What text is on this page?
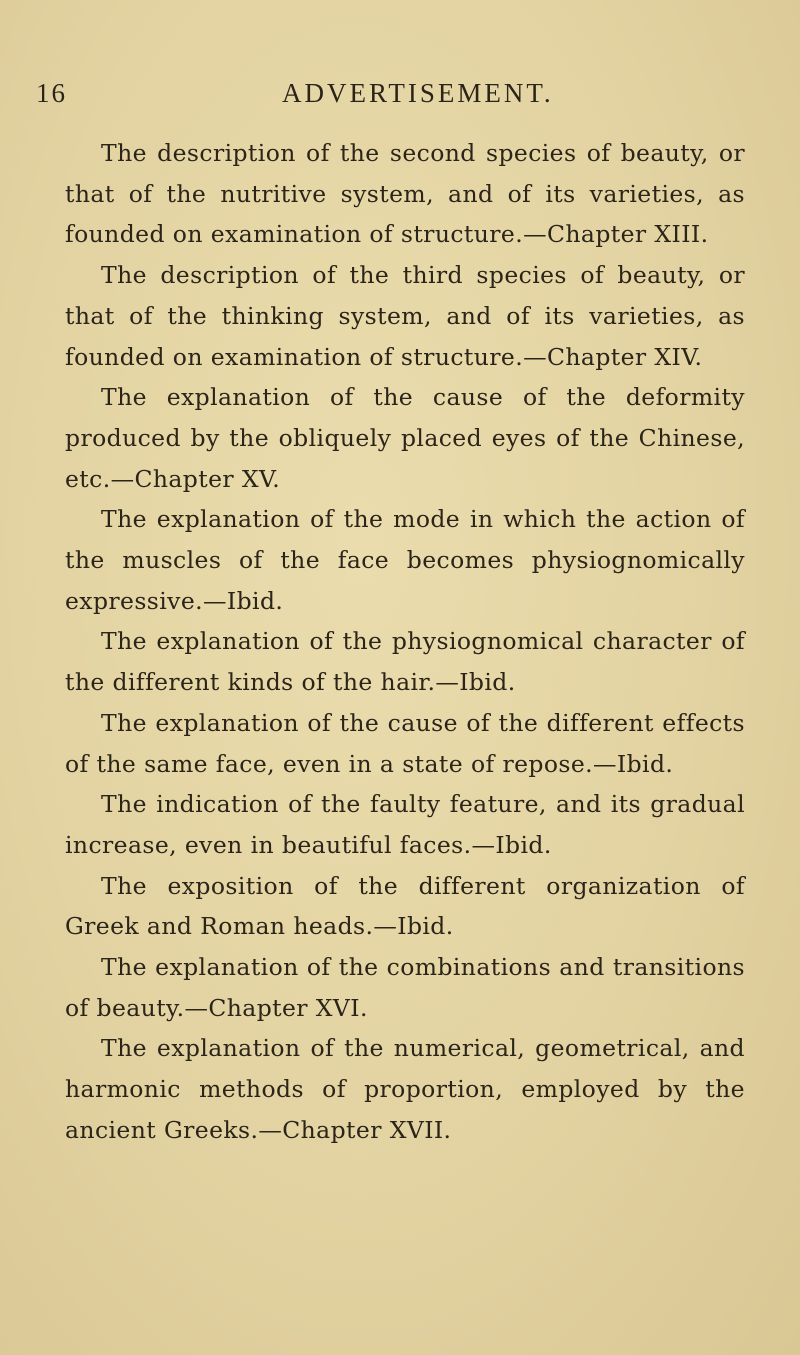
16	ADVERTISEMENT.

The description of the second species of beauty, or that of the nutritive system, and of its varieties, as founded on examination of structure.—Chapter XIII.

The description of the third species of beauty, or that of the thinking system, and of its varieties, as founded on examination of structure.—Chapter XIV.

The explanation of the cause of the deformity produced by the obliquely placed eyes of the Chinese, etc.—Chapter XV.

The explanation of the mode in which the action of the muscles of the face becomes physiognomically expressive.—Ibid.

The explanation of the physiognomical character of the different kinds of the hair.—Ibid.

The explanation of the cause of the different effects of the same face, even in a state of repose.—Ibid.

The indication of the faulty feature, and its gradual increase, even in beautiful faces.—Ibid.

The exposition of the different organization of Greek and Roman heads.—Ibid.

The explanation of the combinations and transitions of beauty.—Chapter XVI.

The explanation of the numerical, geometrical, and harmonic methods of proportion, employed by the ancient Greeks.—Chapter XVII.
